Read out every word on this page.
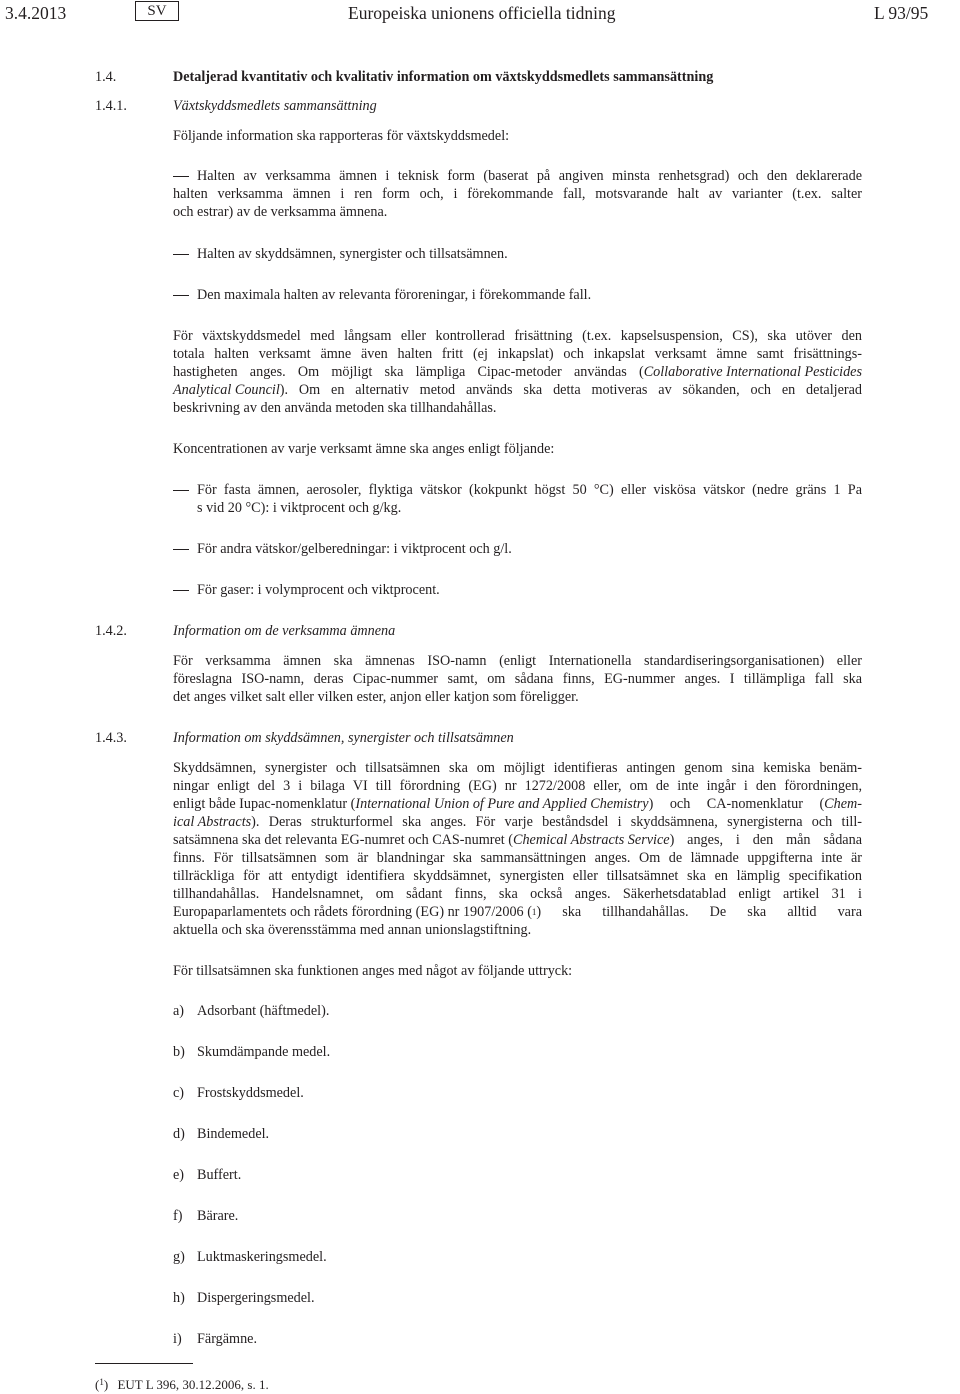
3.4.2013	SV	Europeiska unionens officiella tidning	L 93/95
1.4.	Detaljerad kvantitativ och kvalitativ information om växtskyddsmedlets sammansättning
1.4.1.	Växtskyddsmedlets sammansättning
Följande information ska rapporteras för växtskyddsmedel:
Halten av verksamma ämnen i teknisk form (baserat på angiven minsta renhetsgrad) och den deklarerade
halten verksamma ämnen i ren form och, i förekommande fall, motsvarande halt av varianter (t.ex. salter
och estrar) av de verksamma ämnena.
Halten av skyddsämnen, synergister och tillsatsämnen.
Den maximala halten av relevanta föroreningar, i förekommande fall.
För växtskyddsmedel med långsam eller kontrollerad frisättning (t.ex. kapselsuspension, CS), ska utöver den
totala halten verksamt ämne även halten fritt (ej inkapslat) och inkapslat verksamt ämne samt frisättnings-
hastigheten anges. Om möjligt ska lämpliga Cipac-metoder användas ( Collaborative International Pesticides
Analytical Council ). Om en alternativ metod används ska detta motiveras av sökanden, och en detaljerad
beskrivning av den använda metoden ska tillhandahållas.
Koncentrationen av varje verksamt ämne ska anges enligt följande:
För fasta ämnen, aerosoler, flyktiga vätskor (kokpunkt högst 50 °C) eller viskösa vätskor (nedre gräns 1 Pa
s vid 20 °C): i viktprocent och g/kg.
För andra vätskor/gelberedningar: i viktprocent och g/l.
För gaser: i volymprocent och viktprocent.
1.4.2.	Information om de verksamma ämnena
För verksamma ämnen ska ämnenas ISO-namn (enligt Internationella standardiseringsorganisationen) eller
föreslagna ISO-namn, deras Cipac-nummer samt, om sådana finns, EG-nummer anges. I tillämpliga fall ska
det anges vilket salt eller vilken ester, anjon eller katjon som föreligger.
1.4.3.	Information om skyddsämnen, synergister och tillsatsämnen
Skyddsämnen, synergister och tillsatsämnen ska om möjligt identifieras antingen genom sina kemiska benäm-
ningar enligt del 3 i bilaga VI till förordning (EG) nr 1272/2008 eller, om de inte ingår i den förordningen,
enligt både Iupac-nomenklatur ( International Union of Pure and Applied Chemistry ) och CA-nomenklatur ( Chem-
ical Abstracts ). Deras strukturformel ska anges. För varje beståndsdel i skyddsämnena, synergisterna och till-
satsämnena ska det relevanta EG-numret och CAS-numret ( Chemical Abstracts Service ) anges, i den mån sådana
finns. För tillsatsämnen som är blandningar ska sammansättningen anges. Om de lämnade uppgifterna inte är
tillräckliga för att entydigt identifiera skyddsämnet, synergisten eller tillsatsämnet ska en lämplig specifikation
tillhandahållas. Handelsnamnet, om sådant finns, ska också anges. Säkerhetsdatablad enligt artikel 31 i
Europaparlamentets och rådets förordning (EG) nr 1907/2006 ( 1 ) ska tillhandahållas. De ska alltid vara
aktuella och ska överensstämma med annan unionslagstiftning.
För tillsatsämnen ska funktionen anges med något av följande uttryck:
a) Adsorbant (häftmedel).
b) Skumdämpande medel.
c) Frostskyddsmedel.
d) Bindemedel.
e) Buffert.
f) Bärare.
g) Luktmaskeringsmedel.
h) Dispergeringsmedel.
i) Färgämne.
($^1$) EUT L 396, 30.12.2006, s. 1.
